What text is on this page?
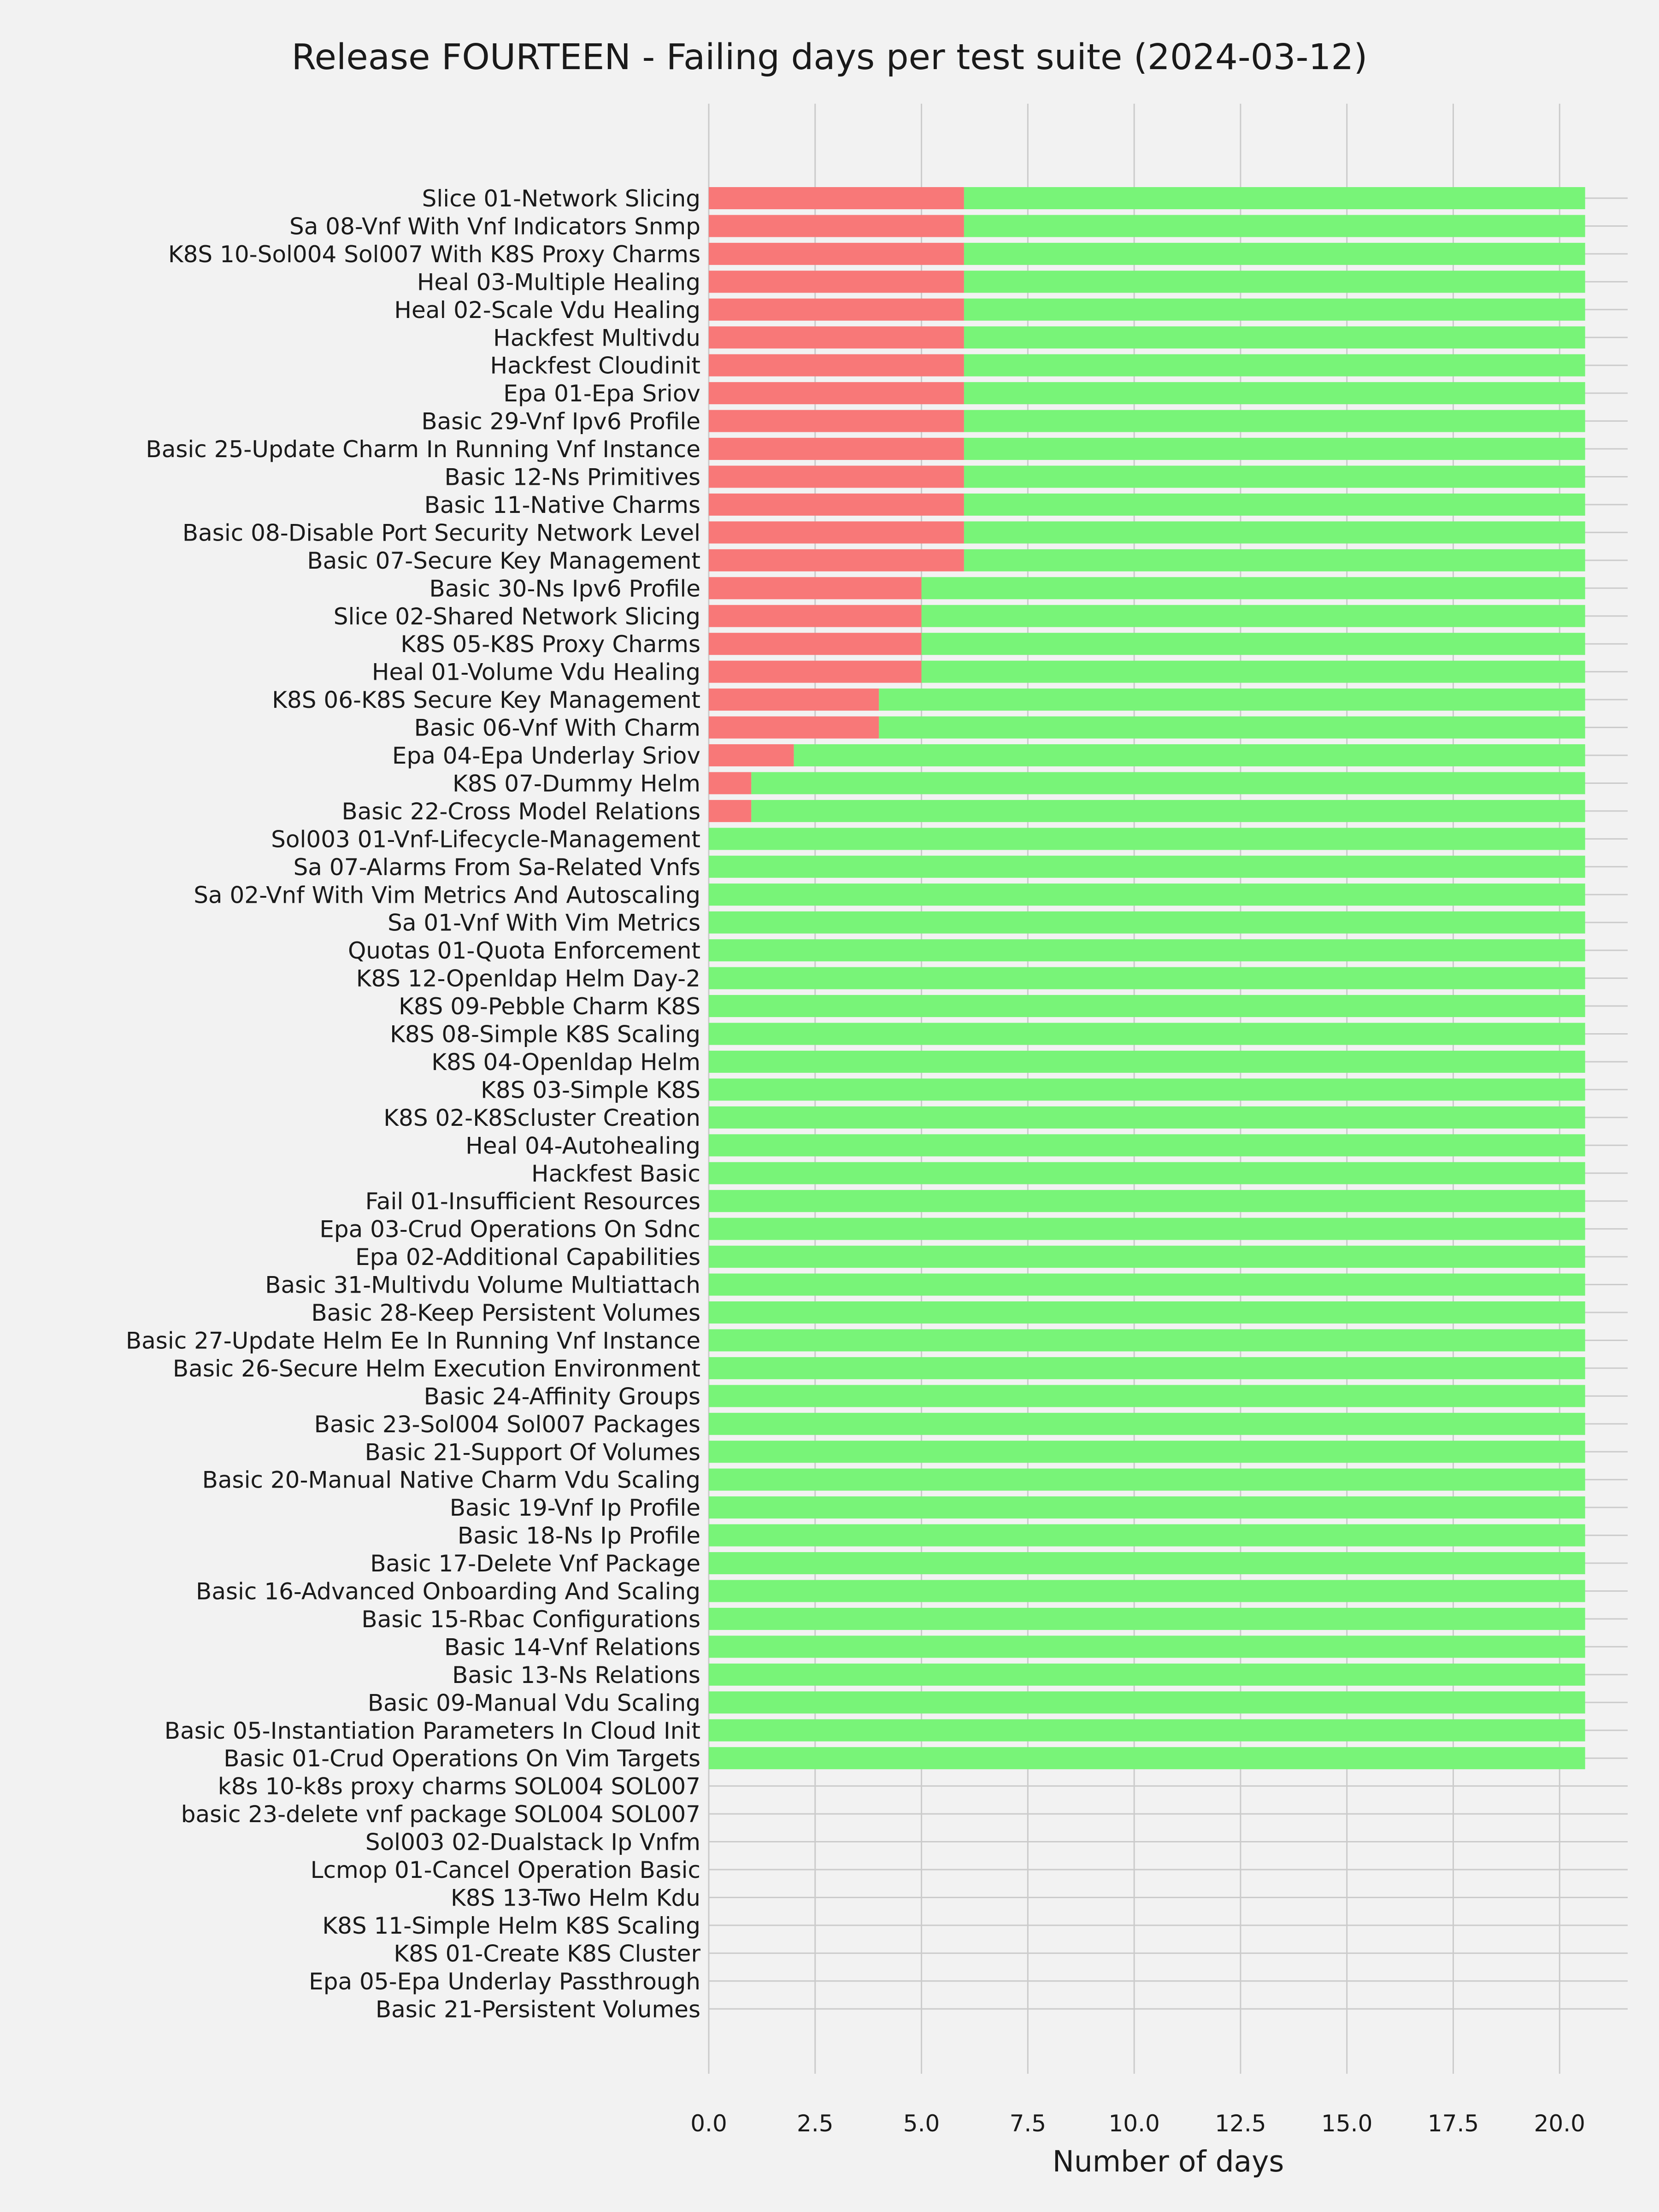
Slice 01-Network Slicing
Sa 08-Vnf With Vnf Indicators Snmp
K8S 10-Sol004 Sol007 With K8S Proxy Charms
Heal 03-Multiple Healing
Heal 02-Scale Vdu Healing
Hackfest Multivdu
Hackfest Cloudinit
Epa 01-Epa Sriov
Basic 29-Vnf Ipv6 Profile
Basic 25-Update Charm In Running Vnf Instance
Basic 12-Ns Primitives
Basic 11-Native Charms
Basic 08-Disable Port Security Network Level
Basic 07-Secure Key Management
Basic 30-Ns Ipv6 Profile
Slice 02-Shared Network Slicing
K8S 05-K8S Proxy Charms
Heal 01-Volume Vdu Healing
K8S 06-K8S Secure Key Management
Basic 06-Vnf With Charm
Epa 04-Epa Underlay Sriov
K8S 07-Dummy Helm
Basic 22-Cross Model Relations
Sol003 01-Vnf-Lifecycle-Management
Sa 07-Alarms From Sa-Related Vnfs
Sa 02-Vnf With Vim Metrics And Autoscaling
Sa 01-Vnf With Vim Metrics
Quotas 01-Quota Enforcement
K8S 12-Openldap Helm Day-2
K8S 09-Pebble Charm K8S
K8S 08-Simple K8S Scaling
K8S 04-Openldap Helm
K8S 03-Simple K8S
K8S 02-K8Scluster Creation
Heal 04-Autohealing
Hackfest Basic
Fail 01-Insufficient Resources
Epa 03-Crud Operations On Sdnc
Epa 02-Additional Capabilities
Basic 31-Multivdu Volume Multiattach
Basic 28-Keep Persistent Volumes
Basic 27-Update Helm Ee In Running Vnf Instance
Basic 26-Secure Helm Execution Environment
Basic 24-Affinity Groups
Basic 23-Sol004 Sol007 Packages
Basic 21-Support Of Volumes
Basic 20-Manual Native Charm Vdu Scaling
Basic 19-Vnf Ip Profile
Basic 18-Ns Ip Profile
Basic 17-Delete Vnf Package
Basic 16-Advanced Onboarding And Scaling
Basic 15-Rbac Configurations
Basic 14-Vnf Relations
Basic 13-Ns Relations
Basic 09-Manual Vdu Scaling
Basic 05-Instantiation Parameters In Cloud Init
Basic 01-Crud Operations On Vim Targets
k8s 10-k8s proxy charms SOL004 SOL007
basic 23-delete vnf package SOL004 SOL007
Sol003 02-Dualstack Ip Vnfm
Lcmop 01-Cancel Operation Basic
K8S 13-Two Helm Kdu
K8S 11-Simple Helm K8S Scaling
K8S 01-Create K8S Cluster
Epa 05-Epa Underlay Passthrough
Basic 21-Persistent Volumes
0.0	2.5	5.0	7.5	10.0 12.5 15.0 17.5 20.0
Release FOURTEEN - Failing days per test suite (2024-03-12)
Number of days
